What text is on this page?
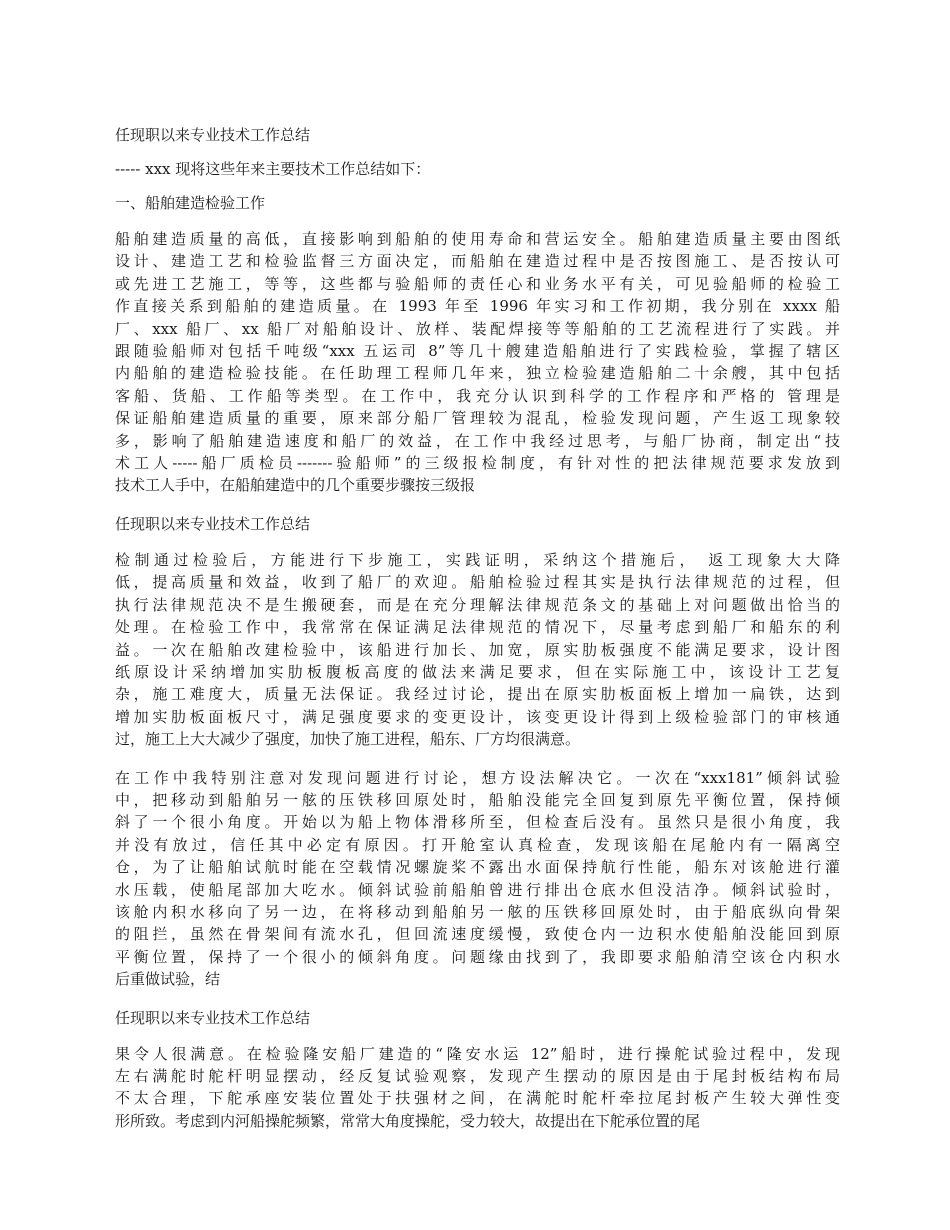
任现职以来专业技术工作总结
----- xxx 现将这些年来主要技术工作总结如下：
一、船舶建造检验工作
船舶建造质量的高低，直接影响到船舶的使用寿命和营运安全。船舶建造质量主要由图纸
设计、建造工艺和检验监督三方面决定，而船舶在建造过程中是否按图施工、是否按认可
或先进工艺施工，等等，这些都与验船师的责任心和业务水平有关，可见验船师的检验工
作直接关系到船舶的建造质量。在 1993 年至 1996 年实习和工作初期，我分别在 xxxx 船
厂、xxx 船厂、xx 船厂对船舶设计、放样、装配焊接等等船舶的工艺流程进行了实践。并
跟随验船师对包括千吨级“xxx 五运司 8”等几十艘建造船舶进行了实践检验，掌握了辖区
内船舶的建造检验技能。在任助理工程师几年来，独立检验建造船舶二十余艘，其中包括
客船、货船、工作船等类型。在工作中，我充分认识到科学的工作程序和严格的 管理是
保证船舶建造质量的重要，原来部分船厂管理较为混乱，检验发现问题，产生返工现象较
多，影响了船舶建造速度和船厂的效益，在工作中我经过思考，与船厂协商，制定出“技
术工人-----船厂质检员-------验船师”的三级报检制度，有针对性的把法律规范要求发放到
技术工人手中，在船舶建造中的几个重要步骤按三级报
任现职以来专业技术工作总结
检制通过检验后，方能进行下步施工，实践证明，采纳这个措施后， 返工现象大大降
低，提高质量和效益，收到了船厂的欢迎。船舶检验过程其实是执行法律规范的过程，但
执行法律规范决不是生搬硬套，而是在充分理解法律规范条文的基础上对问题做出恰当的
处理。在检验工作中，我常常在保证满足法律规范的情况下，尽量考虑到船厂和船东的利
益。一次在船舶改建检验中，该船进行加长、加宽，原实肋板强度不能满足要求，设计图
纸原设计采纳增加实肋板腹板高度的做法来满足要求，但在实际施工中，该设计工艺复
杂，施工难度大，质量无法保证。我经过讨论，提出在原实肋板面板上增加一扁铁，达到
增加实肋板面板尺寸，满足强度要求的变更设计，该变更设计得到上级检验部门的审核通
过，施工上大大减少了强度，加快了施工进程，船东、厂方均很满意。
在工作中我特别注意对发现问题进行讨论，想方设法解决它。一次在“xxx181”倾斜试验
中，把移动到船舶另一舷的压铁移回原处时，船舶没能完全回复到原先平衡位置，保持倾
斜了一个很小角度。开始以为船上物体滑移所至，但检查后没有。虽然只是很小角度，我
并没有放过，信任其中必定有原因。打开舱室认真检查，发现该船在尾舱内有一隔离空
仓，为了让船舶试航时能在空载情况螺旋桨不露出水面保持航行性能，船东对该舱进行灌
水压载，使船尾部加大吃水。倾斜试验前船舶曾进行排出仓底水但没洁净。倾斜试验时，
该舱内积水移向了另一边，在将移动到船舶另一舷的压铁移回原处时，由于船底纵向骨架
的阻拦，虽然在骨架间有流水孔，但回流速度缓慢，致使仓内一边积水使船舶没能回到原
平衡位置，保持了一个很小的倾斜角度。问题缘由找到了，我即要求船舶清空该仓内积水
后重做试验，结
任现职以来专业技术工作总结
果令人很满意。在检验隆安船厂建造的“隆安水运 12”船时，进行操舵试验过程中，发现
左右满舵时舵杆明显摆动，经反复试验观察，发现产生摆动的原因是由于尾封板结构布局
不太合理，下舵承座安装位置处于扶强材之间，在满舵时舵杆牵拉尾封板产生较大弹性变
形所致。考虑到内河船操舵频繁，常常大角度操舵，受力较大，故提出在下舵承位置的尾
